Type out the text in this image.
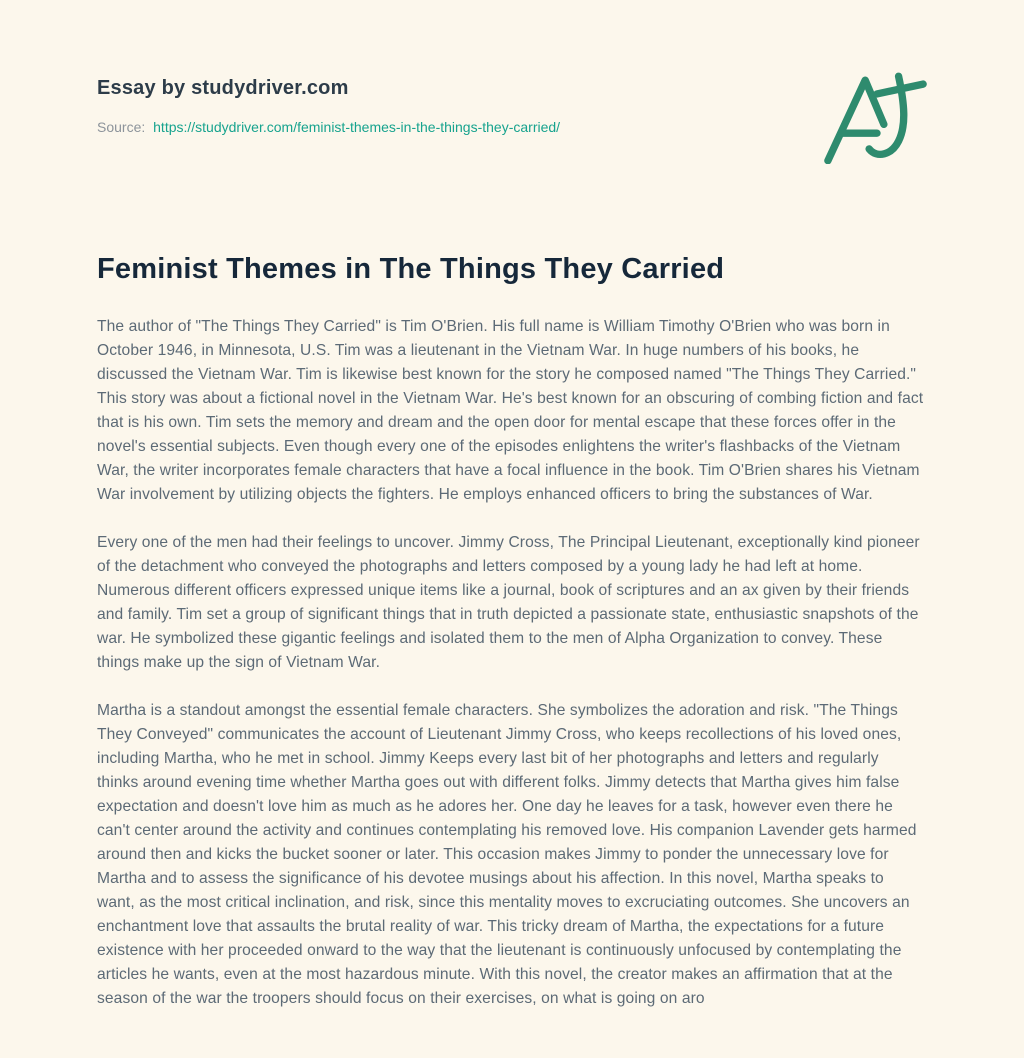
Essay by studydriver.com
Source: https://studydriver.com/feminist-themes-in-the-things-they-carried/
Feminist Themes in The Things They Carried

The author of "The Things They Carried" is Tim O'Brien. His full name is William Timothy O'Brien who was born in October 1946, in Minnesota, U.S. Tim was a lieutenant in the Vietnam War. In huge numbers of his books, he discussed the Vietnam War. Tim is likewise best known for the story he composed named "The Things They Carried." This story was about a fictional novel in the Vietnam War. He's best known for an obscuring of combing fiction and fact that is his own. Tim sets the memory and dream and the open door for mental escape that these forces offer in the novel's essential subjects. Even though every one of the episodes enlightens the writer's flashbacks of the Vietnam War, the writer incorporates female characters that have a focal influence in the book. Tim O'Brien shares his Vietnam War involvement by utilizing objects the fighters. He employs enhanced officers to bring the substances of War.

Every one of the men had their feelings to uncover. Jimmy Cross, The Principal Lieutenant, exceptionally kind pioneer of the detachment who conveyed the photographs and letters composed by a young lady he had left at home. Numerous different officers expressed unique items like a journal, book of scriptures and an ax given by their friends and family. Tim set a group of significant things that in truth depicted a passionate state, enthusiastic snapshots of the war. He symbolized these gigantic feelings and isolated them to the men of Alpha Organization to convey. These things make up the sign of Vietnam War.

Martha is a standout amongst the essential female characters. She symbolizes the adoration and risk. "The Things They Conveyed" communicates the account of Lieutenant Jimmy Cross, who keeps recollections of his loved ones, including Martha, who he met in school. Jimmy Keeps every last bit of her photographs and letters and regularly thinks around evening time whether Martha goes out with different folks. Jimmy detects that Martha gives him false expectation and doesn't love him as much as he adores her. One day he leaves for a task, however even there he can't center around the activity and continues contemplating his removed love. His companion Lavender gets harmed around then and kicks the bucket sooner or later. This occasion makes Jimmy to ponder the unnecessary love for Martha and to assess the significance of his devotee musings about his affection. In this novel, Martha speaks to want, as the most critical inclination, and risk, since this mentality moves to excruciating outcomes. She uncovers an enchantment love that assaults the brutal reality of war. This tricky dream of Martha, the expectations for a future existence with her proceeded onward to the way that the lieutenant is continuously unfocused by contemplating the articles he wants, even at the most hazardous minute. With this novel, the creator makes an affirmation that at the season of the war the troopers should focus on their exercises, on what is going on aro
